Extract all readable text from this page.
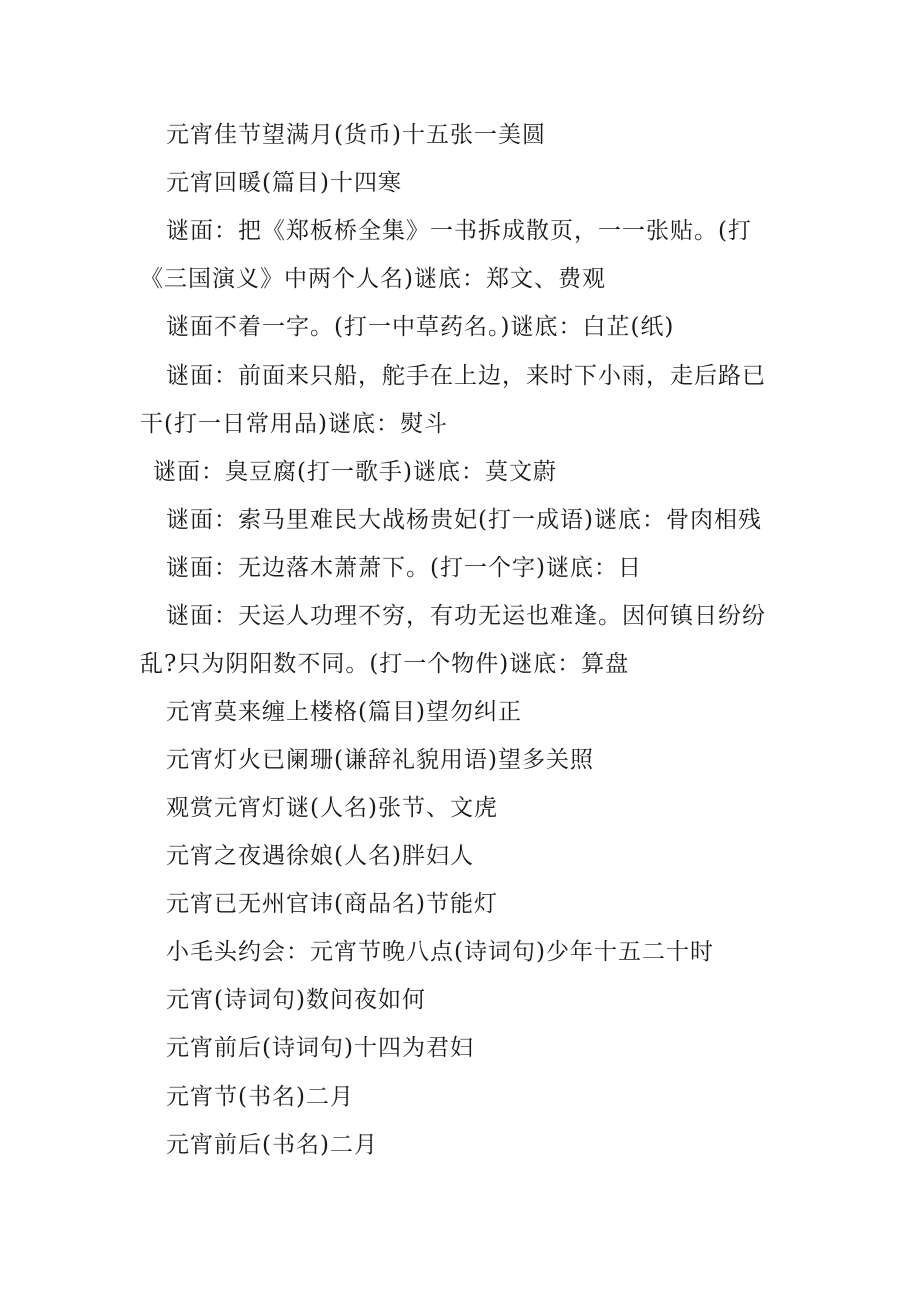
元宵佳节望满月(货币)十五张一美圆
元宵回暖(篇目)十四寒
谜面：把《郑板桥全集》一书拆成散页，一一张贴。(打
《三国演义》中两个人名)谜底：郑文、费观
谜面不着一字。(打一中草药名。)谜底：白芷(纸)
谜面：前面来只船，舵手在上边，来时下小雨，走后路已
干(打一日常用品)谜底：熨斗
谜面：臭豆腐(打一歌手)谜底：莫文蔚
谜面：索马里难民大战杨贵妃(打一成语)谜底：骨肉相残
谜面：无边落木萧萧下。(打一个字)谜底：日
谜面：天运人功理不穷，有功无运也难逢。因何镇日纷纷
乱?只为阴阳数不同。(打一个物件)谜底：算盘
元宵莫来缠上楼格(篇目)望勿纠正
元宵灯火已阑珊(谦辞礼貌用语)望多关照
观赏元宵灯谜(人名)张节、文虎
元宵之夜遇徐娘(人名)胖妇人
元宵已无州官讳(商品名)节能灯
小毛头约会：元宵节晚八点(诗词句)少年十五二十时
元宵(诗词句)数问夜如何
元宵前后(诗词句)十四为君妇
元宵节(书名)二月
元宵前后(书名)二月
